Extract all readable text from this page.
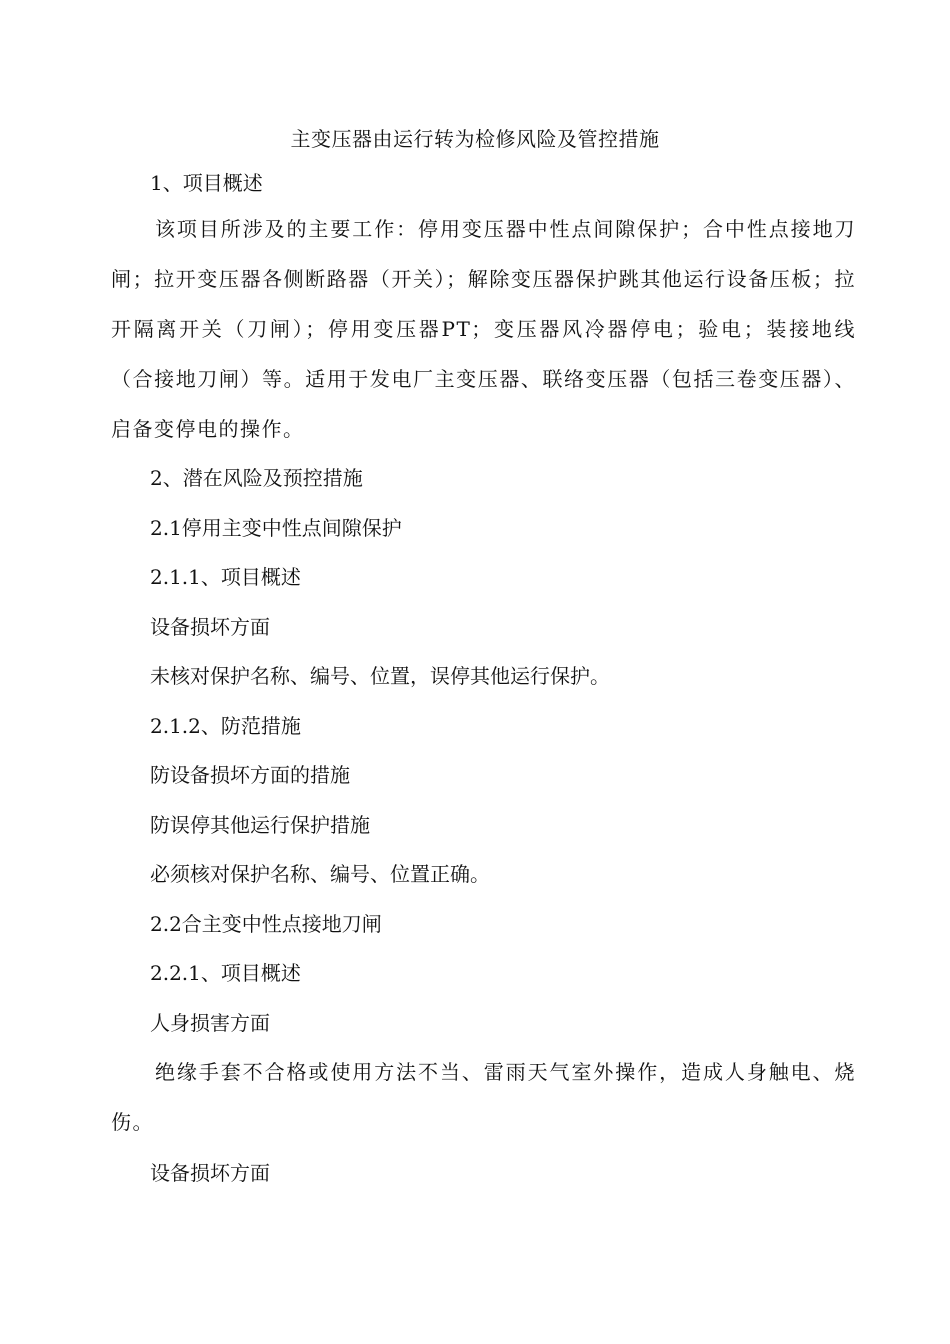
主变压器由运行转为检修风险及管控措施
1、项目概述
该项目所涉及的主要工作：停用变压器中性点间隙保护；合中性点接地刀闸；拉开变压器各侧断路器（开关）；解除变压器保护跳其他运行设备压板；拉开隔离开关（刀闸）；停用变压器PT；变压器风冷器停电；验电；装接地线（合接地刀闸）等。适用于发电厂主变压器、联络变压器（包括三卷变压器）、启备变停电的操作。
2、潜在风险及预控措施
2.1停用主变中性点间隙保护
2.1.1、项目概述
设备损坏方面
未核对保护名称、编号、位置，误停其他运行保护。
2.1.2、防范措施
防设备损坏方面的措施
防误停其他运行保护措施
必须核对保护名称、编号、位置正确。
2.2合主变中性点接地刀闸
2.2.1、项目概述
人身损害方面
绝缘手套不合格或使用方法不当、雷雨天气室外操作，造成人身触电、烧伤。
设备损坏方面
